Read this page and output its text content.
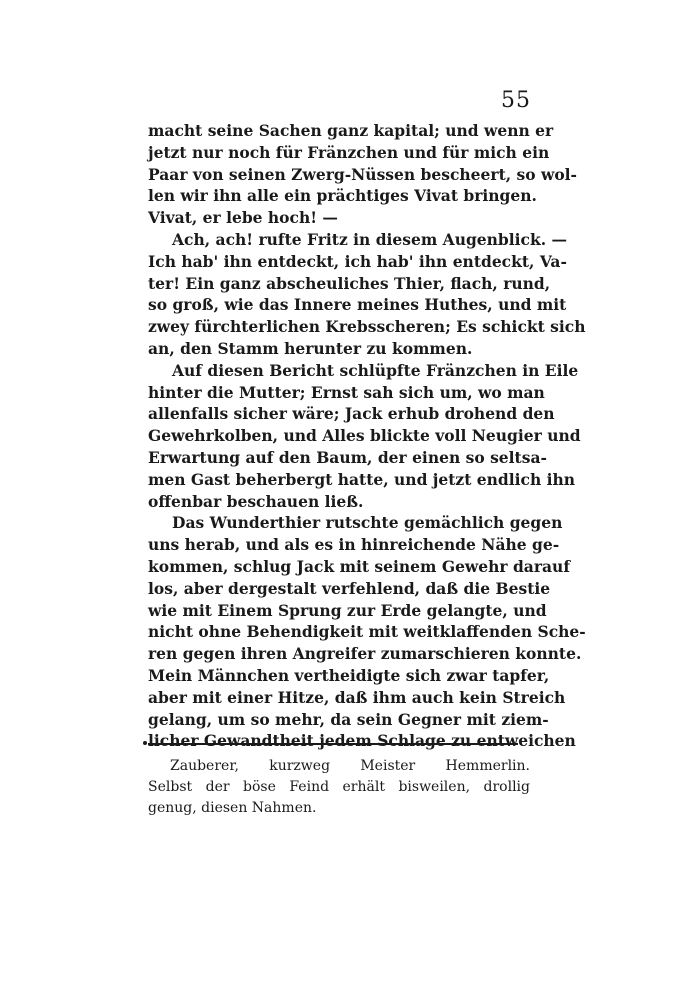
55
macht seine Sachen ganz kapital; und wenn er
jetzt nur noch für Fränzchen und für mich ein
Paar von seinen Zwerg-Nüssen bescheert, so wol-
len wir ihn alle ein prächtiges Vivat bringen.
Vivat, er lebe hoch! —
Ach, ach! rufte Fritz in diesem Augenblick. —
Ich hab' ihn entdeckt, ich hab' ihn entdeckt, Va-
ter! Ein ganz abscheuliches Thier, flach, rund,
so groß, wie das Innere meines Huthes, und mit
zwey fürchterlichen Krebsscheren; Es schickt sich
an, den Stamm herunter zu kommen.
Auf diesen Bericht schlüpfte Fränzchen in Eile
hinter die Mutter; Ernst sah sich um, wo man
allenfalls sicher wäre; Jack erhub drohend den
Gewehrkolben, und Alles blickte voll Neugier und
Erwartung auf den Baum, der einen so seltsa-
men Gast beherbergt hatte, und jetzt endlich ihn
offenbar beschauen ließ.
Das Wunderthier rutschte gemächlich gegen
uns herab, und als es in hinreichende Nähe ge-
kommen, schlug Jack mit seinem Gewehr darauf
los, aber dergestalt verfehlend, daß die Bestie
wie mit Einem Sprung zur Erde gelangte, und
nicht ohne Behendigkeit mit weitklaffenden Sche-
ren gegen ihren Angreifer zumarschieren konnte.
Mein Männchen vertheidigte sich zwar tapfer,
aber mit einer Hitze, daß ihm auch kein Streich
gelang, um so mehr, da sein Gegner mit ziem-
licher Gewandtheit jedem Schlage zu entweichen
Zauberer, kurzweg Meister Hemmerlin.
Selbst der böse Feind erhält bisweilen, drollig
genug, diesen Nahmen.
